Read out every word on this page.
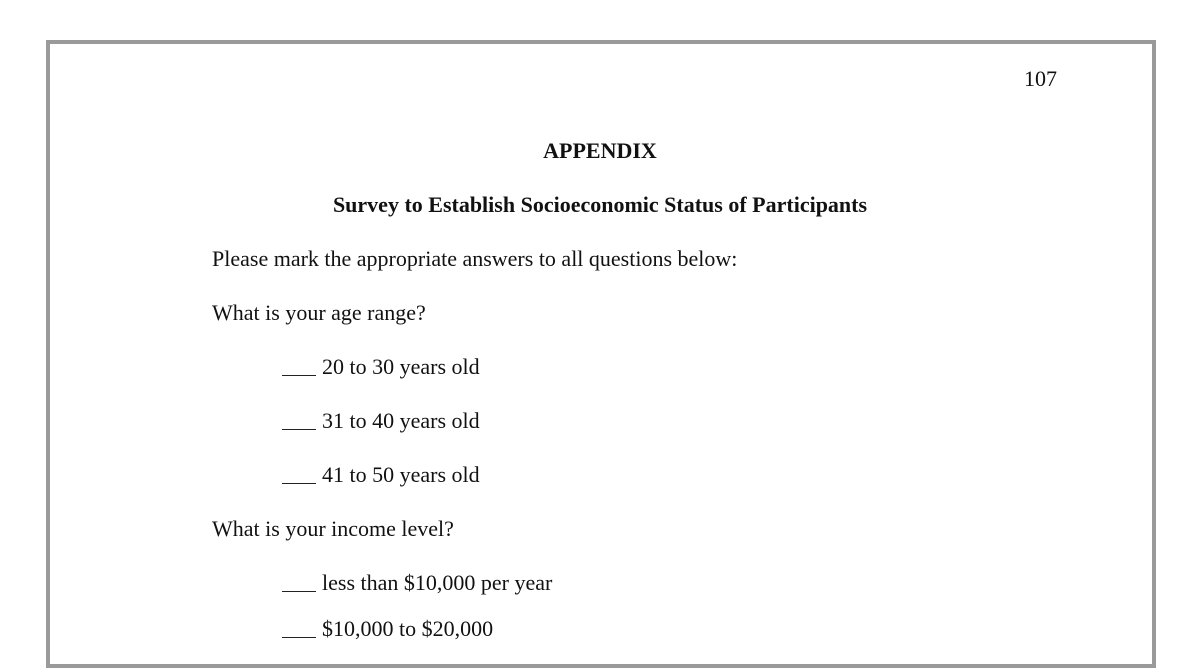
107
APPENDIX
Survey to Establish Socioeconomic Status of Participants
Please mark the appropriate answers to all questions below:
What is your age range?
20 to 30 years old
31 to 40 years old
41 to 50 years old
What is your income level?
less than $10,000 per year
$10,000 to $20,000
